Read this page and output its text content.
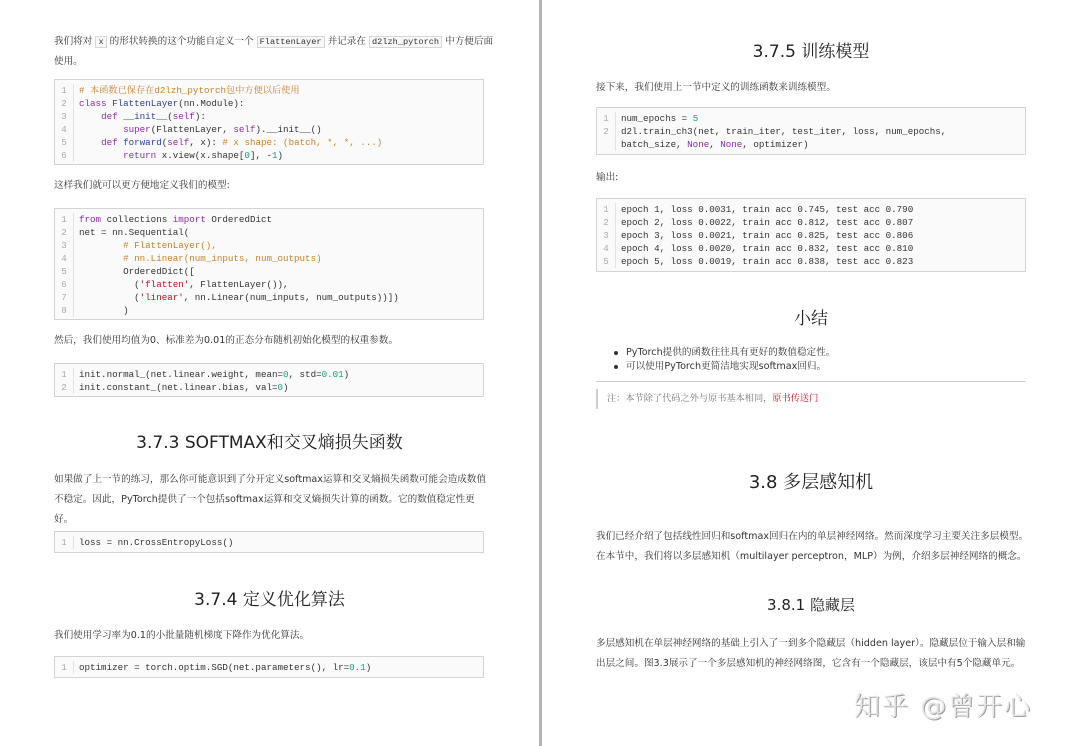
我们将对 x 的形状转换的这个功能自定义一个 FlattenLayer 并记录在 d2lzh_pytorch 中方便后面
使用。
1	# 本函数已保存在d2lzh_pytorch包中方便以后使用
2	class FlattenLayer(nn.Module):
3	def __init__(self):
4	super(FlattenLayer, self).__init__()
5	def forward(self, x): # x shape: (batch, *, *, ...)
6	return x.view(x.shape[0], -1)
这样我们就可以更方便地定义我们的模型:
1	from collections import OrderedDict
2	net = nn.Sequential(
3	# FlattenLayer(),
4	# nn.Linear(num_inputs, num_outputs)
5	OrderedDict([
6	('flatten', FlattenLayer()),
7	('linear', nn.Linear(num_inputs, num_outputs))])
8	)
然后，我们使用均值为0、标准差为0.01的正态分布随机初始化模型的权重参数。
1	init.normal_(net.linear.weight, mean=0, std=0.01)
2	init.constant_(net.linear.bias, val=0)
3.7.3 SOFTMAX和交叉熵损失函数
如果做了上一节的练习，那么你可能意识到了分开定义softmax运算和交叉熵损失函数可能会造成数值
不稳定。因此，PyTorch提供了一个包括softmax运算和交叉熵损失计算的函数。它的数值稳定性更
好。
1	loss = nn.CrossEntropyLoss()
3.7.4 定义优化算法
我们使用学习率为0.1的小批量随机梯度下降作为优化算法。
1	optimizer = torch.optim.SGD(net.parameters(), lr=0.1)
3.7.5 训练模型
接下来，我们使用上一节中定义的训练函数来训练模型。
1	num_epochs = 5
2	d2l.train_ch3(net, train_iter, test_iter, loss, num_epochs,

batch_size, None, None, optimizer)
输出:
1	epoch 1, loss 0.0031, train acc 0.745, test acc 0.790
2	epoch 2, loss 0.0022, train acc 0.812, test acc 0.807
3	epoch 3, loss 0.0021, train acc 0.825, test acc 0.806
4	epoch 4, loss 0.0020, train acc 0.832, test acc 0.810
5	epoch 5, loss 0.0019, train acc 0.838, test acc 0.823
小结
PyTorch提供的函数往往具有更好的数值稳定性。
可以使用PyTorch更简洁地实现softmax回归。
注：本节除了代码之外与原书基本相同，原书传送门
3.8 多层感知机
我们已经介绍了包括线性回归和softmax回归在内的单层神经网络。然而深度学习主要关注多层模型。
在本节中，我们将以多层感知机（multilayer perceptron，MLP）为例，介绍多层神经网络的概念。
3.8.1 隐藏层
多层感知机在单层神经网络的基础上引入了一到多个隐藏层（hidden layer）。隐藏层位于输入层和输
出层之间。图3.3展示了一个多层感知机的神经网络图，它含有一个隐藏层，该层中有5个隐藏单元。
知乎 @曾开心
